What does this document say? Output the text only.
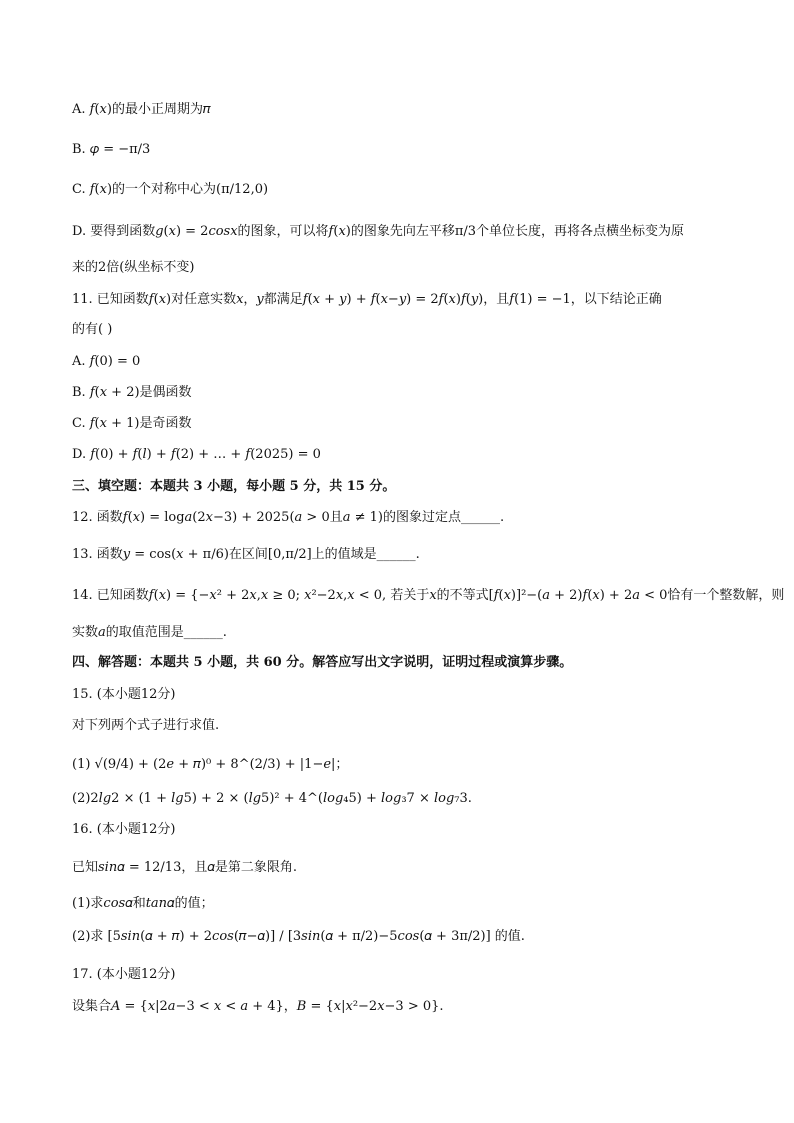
A. 𝑓(𝑥)的最小正周期为𝜋
B. 𝜑 = −π/3
C. 𝑓(𝑥)的一个对称中心为(π/12,0)
D. 要得到函数𝑔(𝑥) = 2𝑐𝑜𝑠𝑥的图象，可以将𝑓(𝑥)的图象先向左平移π/3个单位长度，再将各点横坐标变为原
来的2倍(纵坐标不变)
11. 已知函数𝑓(𝑥)对任意实数𝑥，𝑦都满足𝑓(𝑥 + 𝑦) + 𝑓(𝑥−𝑦) = 2𝑓(𝑥)𝑓(𝑦)，且𝑓(1) = −1，以下结论正确
的有( )
A. 𝑓(0) = 0
B. 𝑓(𝑥 + 2)是偶函数
C. 𝑓(𝑥 + 1)是奇函数
D. 𝑓(0) + 𝑓(𝑙) + 𝑓(2) + … + 𝑓(2025) = 0
三、填空题：本题共 3 小题，每小题 5 分，共 15 分。
12. 函数𝑓(𝑥) = log𝑎(2𝑥−3) + 2025(𝑎 > 0且𝑎 ≠ 1)的图象过定点______.
13. 函数𝑦 = cos(𝑥 + π/6)在区间[0,π/2]上的值域是______.
14. 已知函数𝑓(𝑥) = {−𝑥² + 2𝑥,𝑥 ≥ 0; 𝑥²−2𝑥,𝑥 < 0, 若关于𝑥的不等式[𝑓(𝑥)]²−(𝑎 + 2)𝑓(𝑥) + 2𝑎 < 0恰有一个整数解，则
实数𝑎的取值范围是______.
四、解答题：本题共 5 小题，共 60 分。解答应写出文字说明，证明过程或演算步骤。
15. (本小题12分)
对下列两个式子进行求值.
(1) √(9/4) + (2𝑒 + 𝜋)⁰ + 8^(2/3) + |1−𝑒|；
(2)2𝑙𝑔2 × (1 + 𝑙𝑔5) + 2 × (𝑙𝑔5)² + 4^(𝑙𝑜𝑔₄5) + 𝑙𝑜𝑔₃7 × 𝑙𝑜𝑔₇3.
16. (本小题12分)
已知𝑠𝑖𝑛𝛼 = 12/13，且𝛼是第二象限角.
(1)求𝑐𝑜𝑠𝛼和𝑡𝑎𝑛𝛼的值；
(2)求 [5𝑠𝑖𝑛(𝛼 + 𝜋) + 2𝑐𝑜𝑠(𝜋−𝛼)] / [3𝑠𝑖𝑛(𝛼 + π/2)−5𝑐𝑜𝑠(𝛼 + 3π/2)] 的值.
17. (本小题12分)
设集合𝐴 = {𝑥|2𝑎−3 < 𝑥 < 𝑎 + 4}，𝐵 = {𝑥|𝑥²−2𝑥−3 > 0}.
